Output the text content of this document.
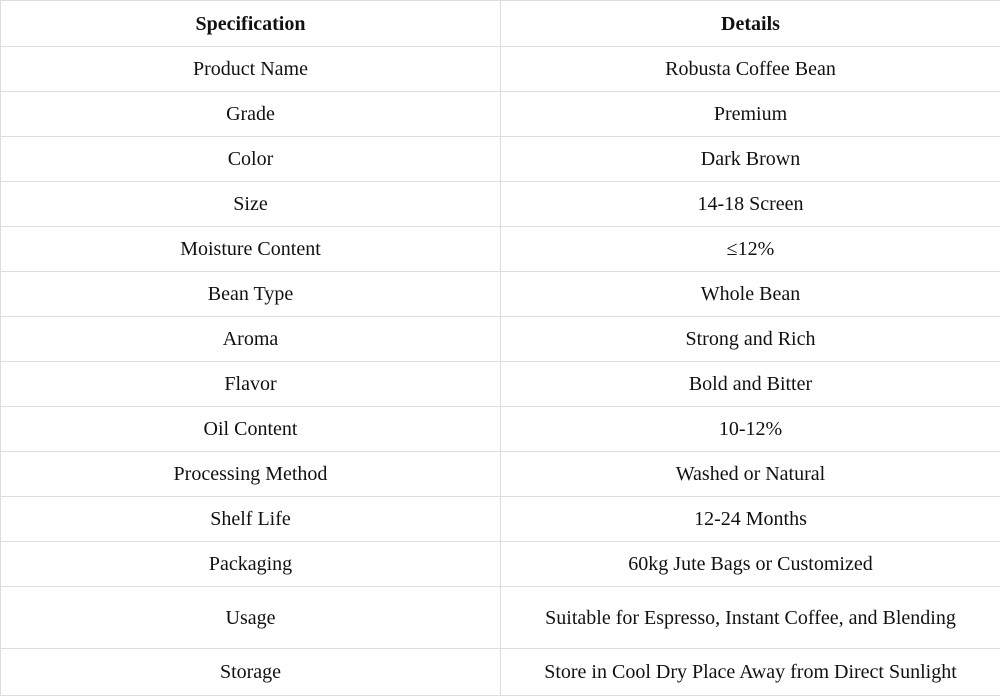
Specification	Details
Product Name	Robusta Coffee Bean
Grade	Premium
Color	Dark Brown
Size	14-18 Screen
Moisture Content	≤12%
Bean Type	Whole Bean
Aroma	Strong and Rich
Flavor	Bold and Bitter
Oil Content	10-12%
Processing Method	Washed or Natural
Shelf Life	12-24 Months
Packaging	60kg Jute Bags or Customized
Usage	Suitable for Espresso, Instant Coffee, and Blending
Storage	Store in Cool Dry Place Away from Direct Sunlight
